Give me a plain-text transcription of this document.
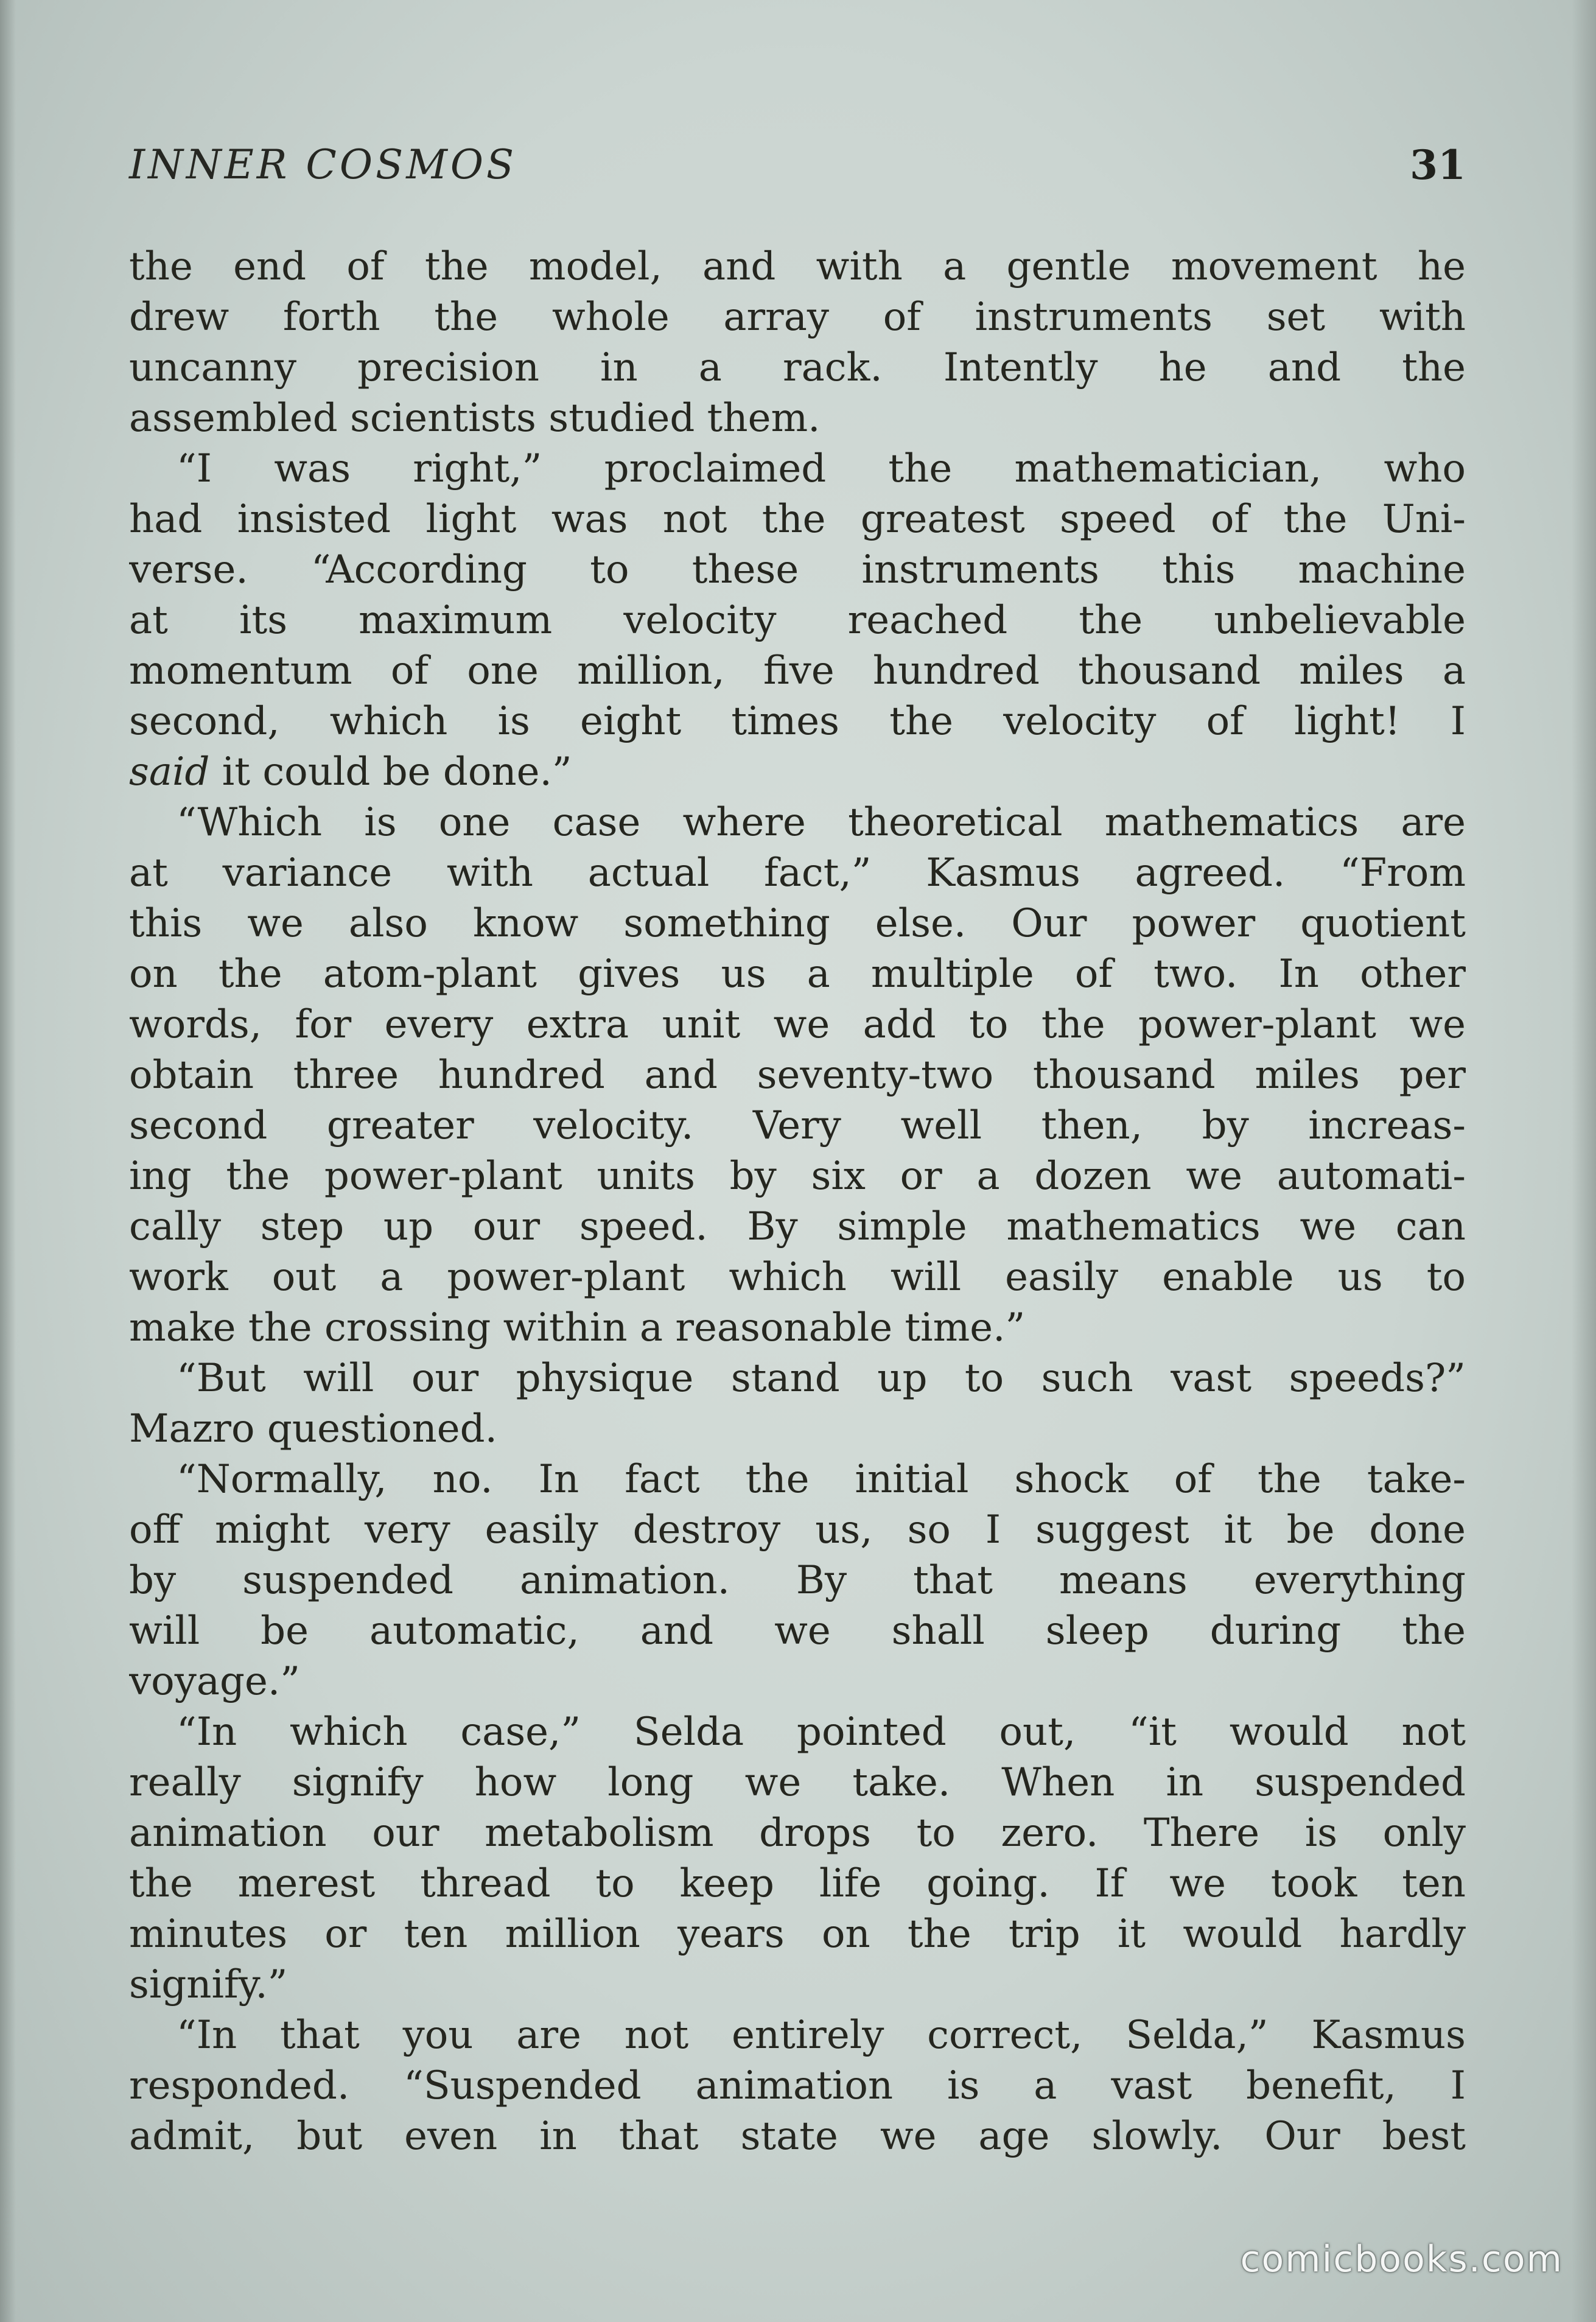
INNER COSMOS	31
the end of the model, and with a gentle movement he
drew forth the whole array of instruments set with
uncanny precision in a rack. Intently he and the
assembled scientists studied them.
“I was right,” proclaimed the mathematician, who
had insisted light was not the greatest speed of the Uni-
verse. “According to these instruments this machine
at its maximum velocity reached the unbelievable
momentum of one million, five hundred thousand miles a
second, which is eight times the velocity of light! I
said it could be done.”
“Which is one case where theoretical mathematics are
at variance with actual fact,” Kasmus agreed. “From
this we also know something else. Our power quotient
on the atom-plant gives us a multiple of two. In other
words, for every extra unit we add to the power-plant we
obtain three hundred and seventy-two thousand miles per
second greater velocity. Very well then, by increas-
ing the power-plant units by six or a dozen we automati-
cally step up our speed. By simple mathematics we can
work out a power-plant which will easily enable us to
make the crossing within a reasonable time.”
“But will our physique stand up to such vast speeds?”
Mazro questioned.
“Normally, no. In fact the initial shock of the take-
off might very easily destroy us, so I suggest it be done
by suspended animation. By that means everything
will be automatic, and we shall sleep during the
voyage.”
“In which case,” Selda pointed out, “it would not
really signify how long we take. When in suspended
animation our metabolism drops to zero. There is only
the merest thread to keep life going. If we took ten
minutes or ten million years on the trip it would hardly
signify.”
“In that you are not entirely correct, Selda,” Kasmus
responded. “Suspended animation is a vast benefit, I
admit, but even in that state we age slowly. Our best
comicbooks.com
